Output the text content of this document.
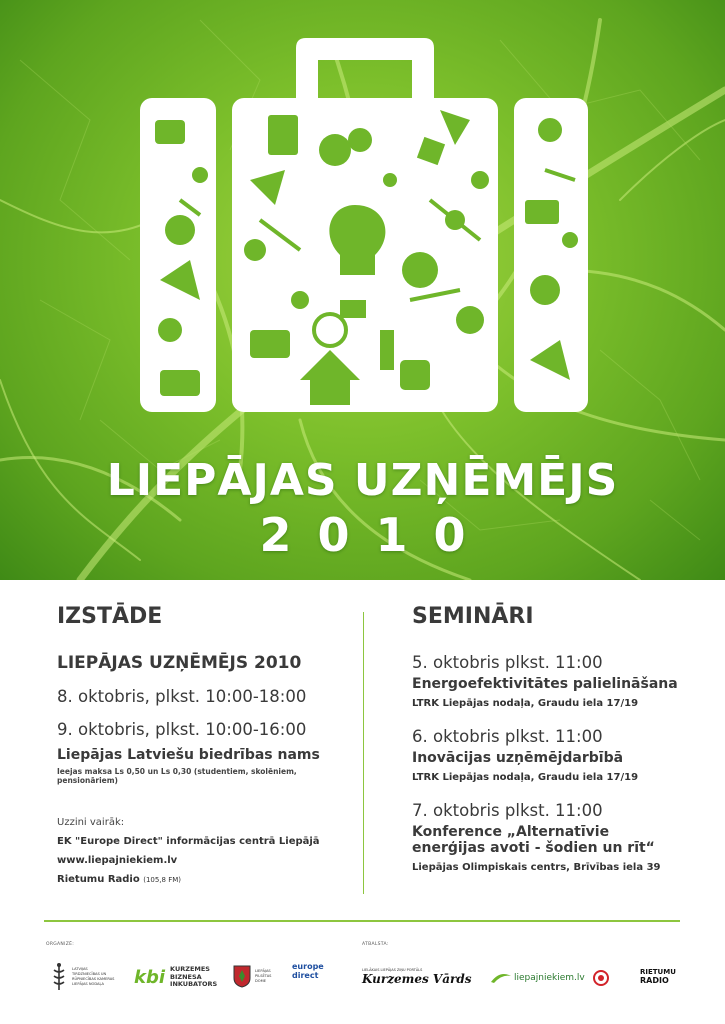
LIEPĀJAS UZŅĒMĒJS
2010
IZSTĀDE
LIEPĀJAS UZŅĒMĒJS 2010
8. oktobris, plkst. 10:00-18:00
9. oktobris, plkst. 10:00-16:00
Liepājas Latviešu biedrības nams
Ieejas maksa Ls 0,50 un Ls 0,30 (studentiem, skolēniem, pensionāriem)
Uzzini vairāk:
EK "Europe Direct" informācijas centrā Liepājā
www.liepajniekiem.lv
Rietumu Radio (105,8 FM)
SEMINĀRI
5. oktobris plkst. 11:00
Energoefektivitātes palielināšana
LTRK Liepājas nodaļa, Graudu iela 17/19
6. oktobris plkst. 11:00
Inovācijas uzņēmējdarbībā
LTRK Liepājas nodaļa, Graudu iela 17/19
7. oktobris plkst. 11:00
Konference „Alternatīvie enerģijas avoti - šodien un rīt“
Liepājas Olimpiskais centrs, Brīvības iela 39
ORGANIZĒ:	ATBALSTA:
LATVIJAS TIRDZNIECĪBAS UN RŪPNIECĪBAS KAMERAS LIEPĀJAS NODAĻA	kbi KURZEMES
BIZNESA
INKUBATORS
LIEPĀJAS PILSĒTAS DOME
europe
direct
LIELĀKAIS LIEPĀJAS ZIŅU PORTĀLS
Kurzemes Vārds	liepajniekiem.lv
RIETUMU
RADIO
